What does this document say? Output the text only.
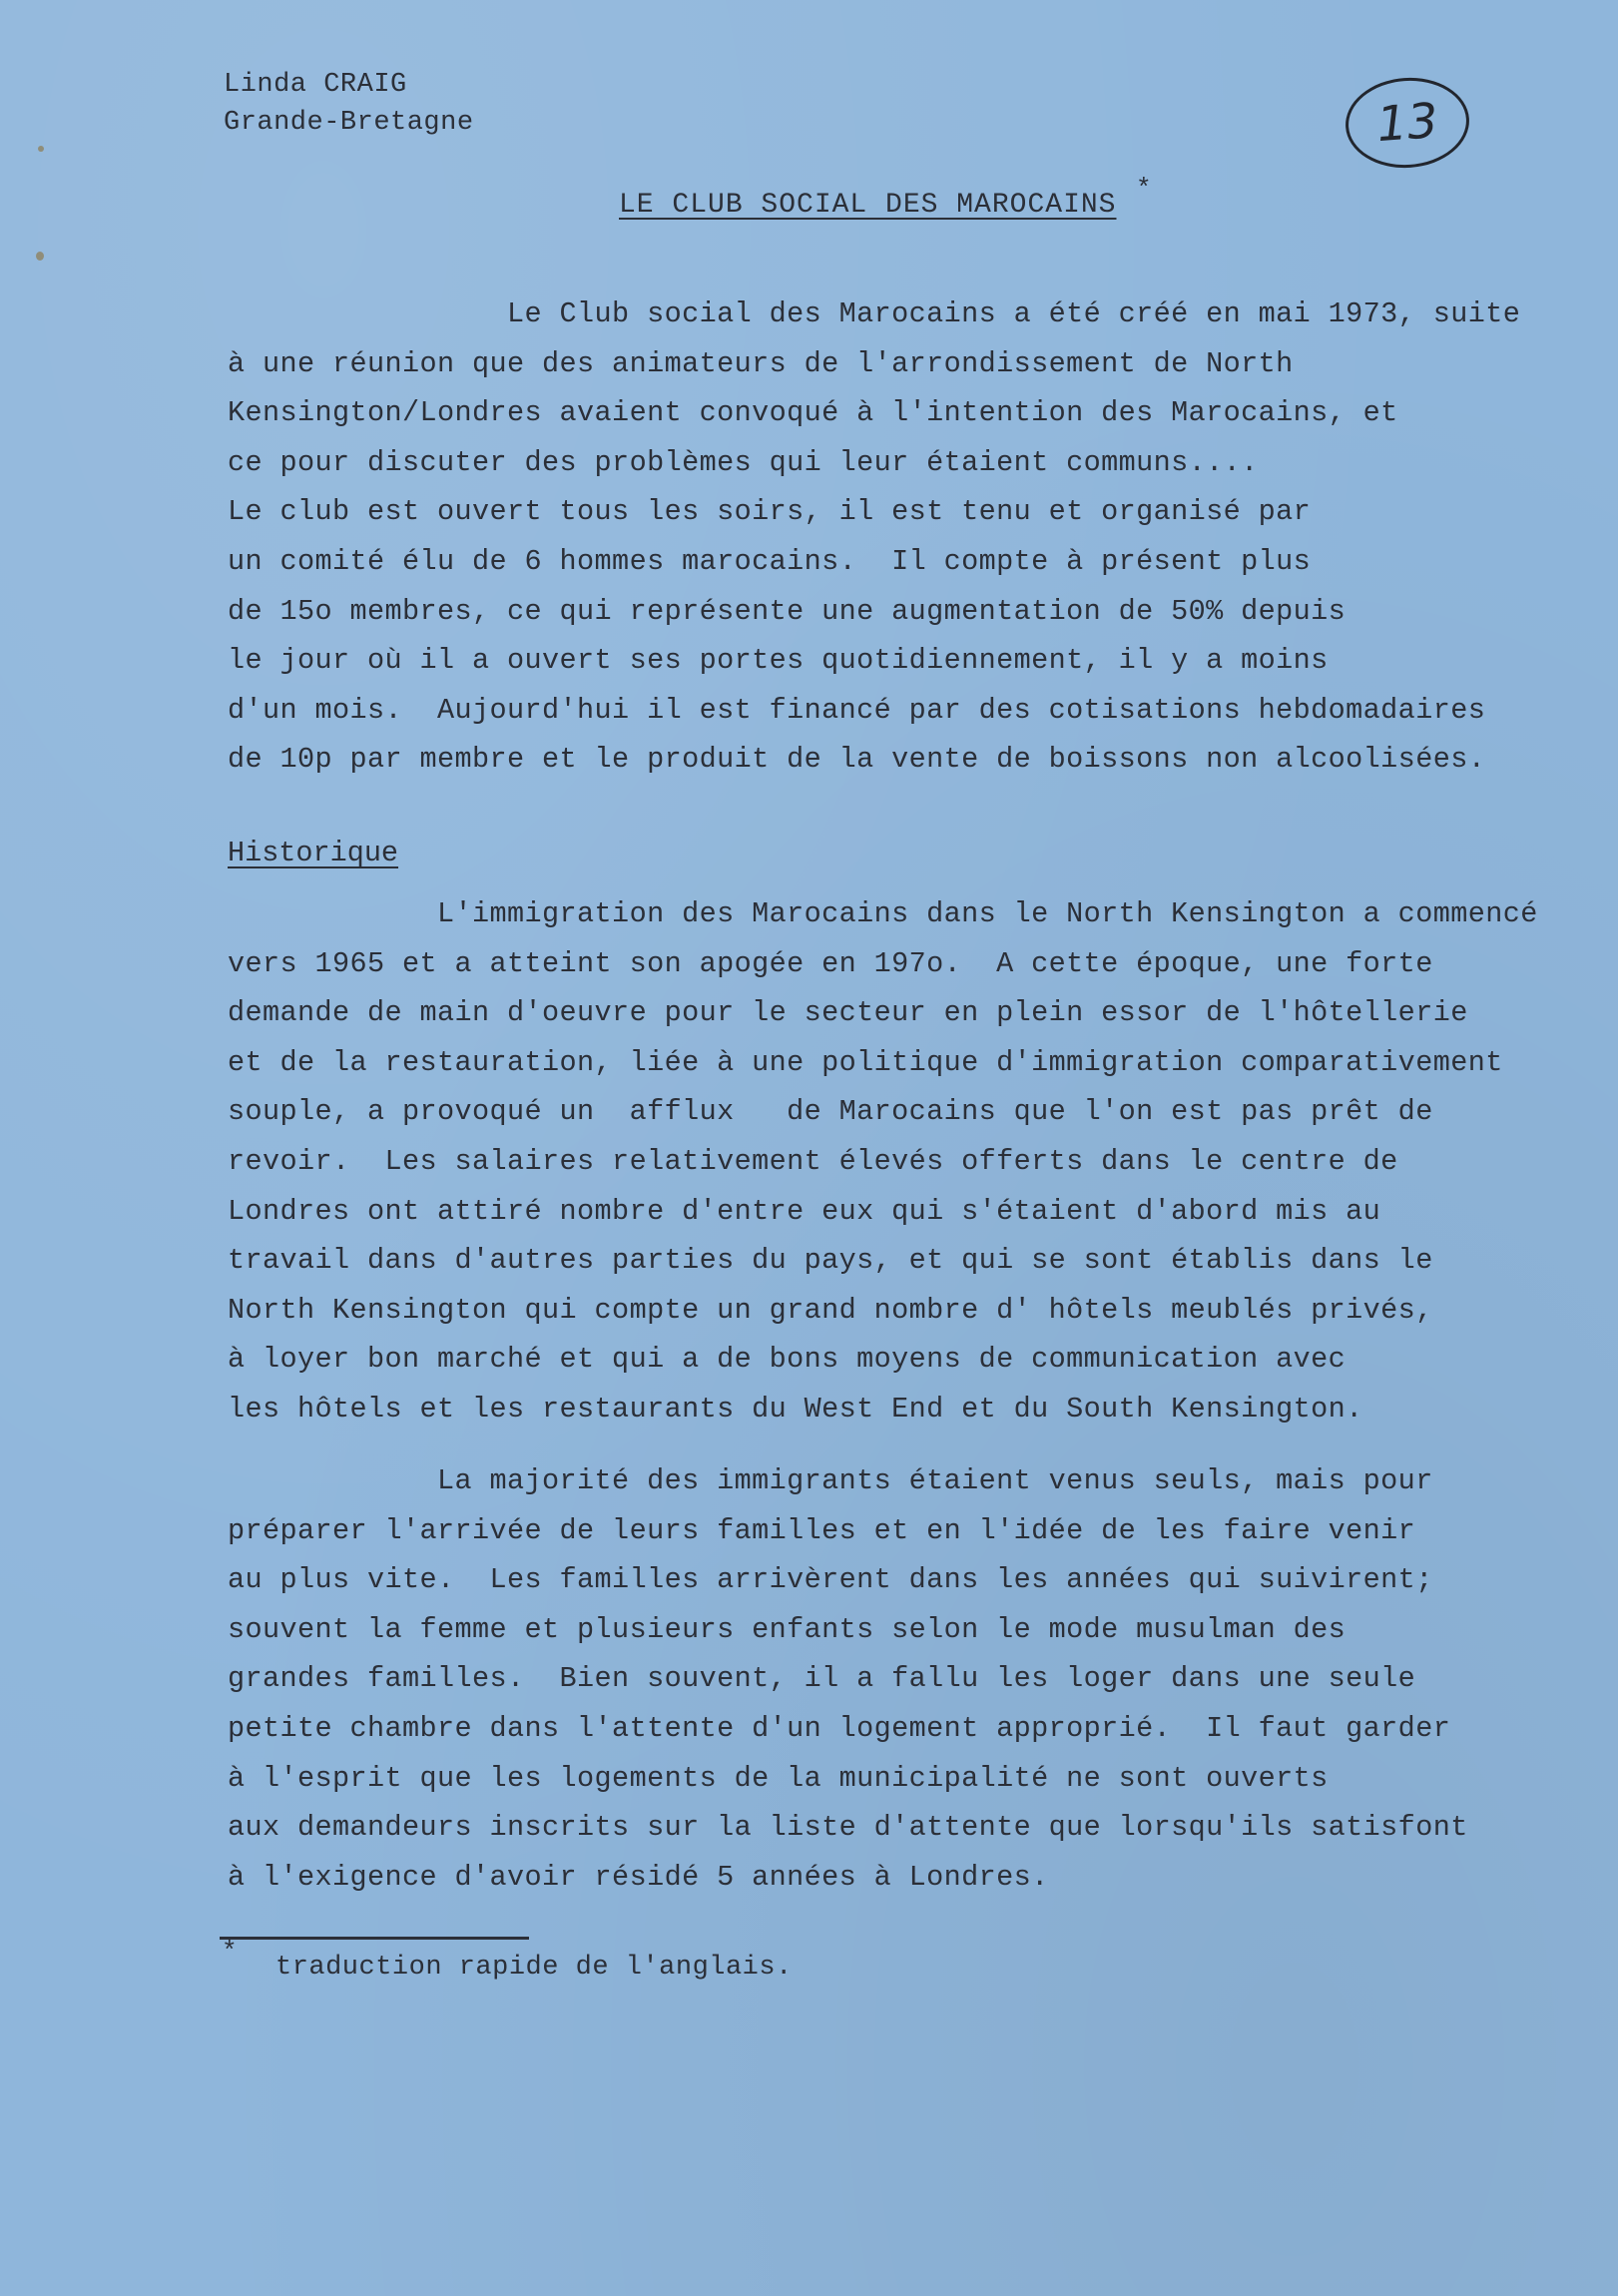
Linda CRAIG
Grande-Bretagne	13
LE CLUB SOCIAL DES MAROCAINS
*
Le Club social des Marocains a été créé en mai 1973, suite
à une réunion que des animateurs de l'arrondissement de North
Kensington/Londres avaient convoqué à l'intention des Marocains, et
ce pour discuter des problèmes qui leur étaient communs....
Le club est ouvert tous les soirs, il est tenu et organisé par
un comité élu de 6 hommes marocains.  Il compte à présent plus
de 15o membres, ce qui représente une augmentation de 50% depuis
le jour où il a ouvert ses portes quotidiennement, il y a moins
d'un mois.  Aujourd'hui il est financé par des cotisations hebdomadaires
de 10p par membre et le produit de la vente de boissons non alcoolisées.
Historique
L'immigration des Marocains dans le North Kensington a commencé
vers 1965 et a atteint son apogée en 197o.  A cette époque, une forte
demande de main d'oeuvre pour le secteur en plein essor de l'hôtellerie
et de la restauration, liée à une politique d'immigration comparativement
souple, a provoqué un  afflux   de Marocains que l'on est pas prêt de
revoir.  Les salaires relativement élevés offerts dans le centre de
Londres ont attiré nombre d'entre eux qui s'étaient d'abord mis au
travail dans d'autres parties du pays, et qui se sont établis dans le
North Kensington qui compte un grand nombre d' hôtels meublés privés,
à loyer bon marché et qui a de bons moyens de communication avec
les hôtels et les restaurants du West End et du South Kensington.
La majorité des immigrants étaient venus seuls, mais pour
préparer l'arrivée de leurs familles et en l'idée de les faire venir
au plus vite.  Les familles arrivèrent dans les années qui suivirent;
souvent la femme et plusieurs enfants selon le mode musulman des
grandes familles.  Bien souvent, il a fallu les loger dans une seule
petite chambre dans l'attente d'un logement approprié.  Il faut garder
à l'esprit que les logements de la municipalité ne sont ouverts
aux demandeurs inscrits sur la liste d'attente que lorsqu'ils satisfont
à l'exigence d'avoir résidé 5 années à Londres.
*
traduction rapide de l'anglais.
